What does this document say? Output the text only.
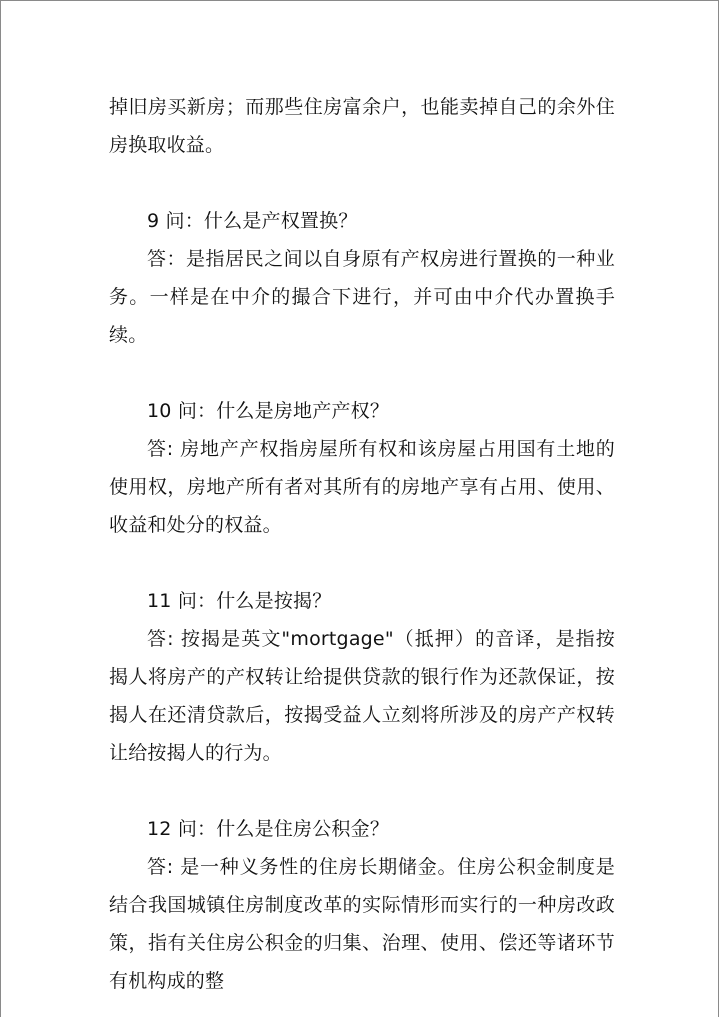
掉旧房买新房；而那些住房富余户，也能卖掉自己的余外住房换取收益。

9 问：什么是产权置换？

答：是指居民之间以自身原有产权房进行置换的一种业务。一样是在中介的撮合下进行，并可由中介代办置换手续。

10 问：什么是房地产产权？

答: 房地产产权指房屋所有权和该房屋占用国有土地的使用权，房地产所有者对其所有的房地产享有占用、使用、收益和处分的权益。

11 问：什么是按揭？

答: 按揭是英文"mortgage"（抵押）的音译，是指按揭人将房产的产权转让给提供贷款的银行作为还款保证，按揭人在还清贷款后，按揭受益人立刻将所涉及的房产产权转让给按揭人的行为。

12 问：什么是住房公积金？

答: 是一种义务性的住房长期储金。住房公积金制度是结合我国城镇住房制度改革的实际情形而实行的一种房改政策，指有关住房公积金的归集、治理、使用、偿还等诸环节有机构成的整
